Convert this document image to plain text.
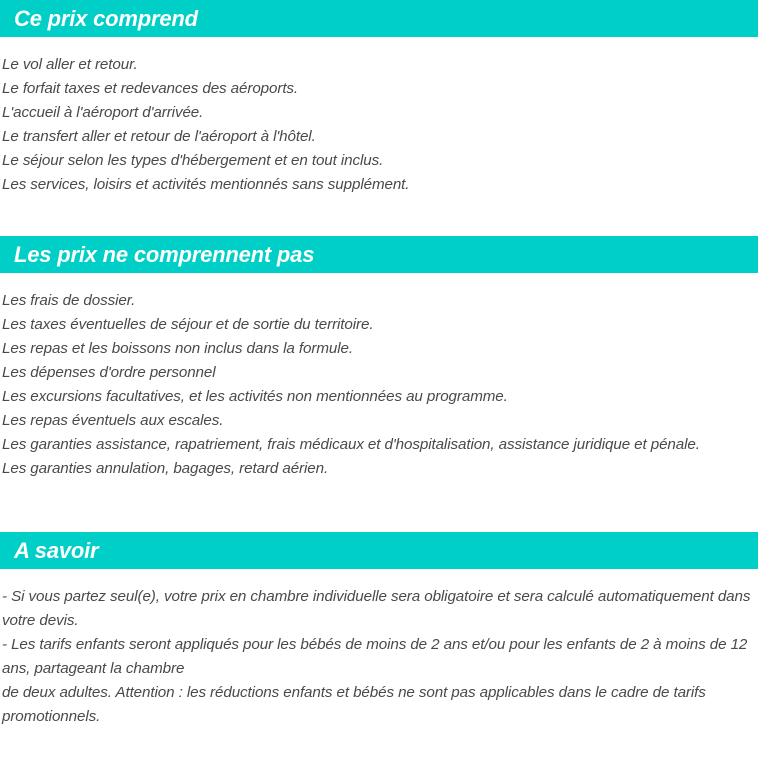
Ce prix comprend

Le vol aller et retour.

Le forfait taxes et redevances des aéroports.

L'accueil à l'aéroport d'arrivée.

Le transfert aller et retour de l'aéroport à l'hôtel.

Le séjour selon les types d'hébergement et en tout inclus.

Les services, loisirs et activités mentionnés sans supplément.

Les prix ne comprennent pas

Les frais de dossier.

Les taxes éventuelles de séjour et de sortie du territoire.

Les repas et les boissons non inclus dans la formule.

Les dépenses d'ordre personnel

Les excursions facultatives, et les activités non mentionnées au programme.

Les repas éventuels aux escales.

Les garanties assistance, rapatriement, frais médicaux et d'hospitalisation, assistance juridique et pénale.

Les garanties annulation, bagages, retard aérien.

A savoir

- Si vous partez seul(e), votre prix en chambre individuelle sera obligatoire et sera calculé automatiquement dans votre devis.

- Les tarifs enfants seront appliqués pour les bébés de moins de 2 ans et/ou pour les enfants de 2 à moins de 12 ans, partageant la chambre

de deux adultes. Attention : les réductions enfants et bébés ne sont pas applicables dans le cadre de tarifs promotionnels.
